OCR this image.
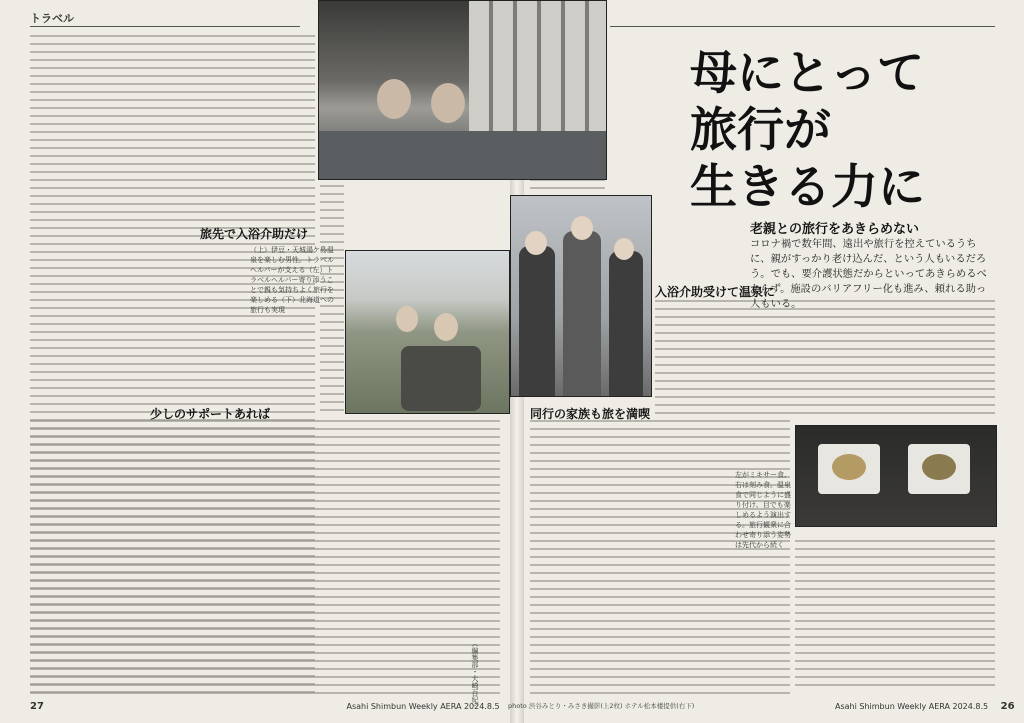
トラベル
母にとって
旅行が
生きる力に
老親との旅行をあきらめない
コロナ禍で数年間、遠出や旅行を控えているうちに、親がすっかり老け込んだ、という人もいるだろう。でも、要介護状態だからといってあきらめるべからず。施設のバリアフリー化も進み、頼れる助っ人もいる。
入浴介助受けて温泉に
同行の家族も旅を満喫
旅先で入浴介助だけ
少しのサポートあれば
（上）伊豆・天城湯ケ島温泉を楽しむ男性。トラベルヘルパーが支える（左）トラベルヘルパー寄り添うことで親も気持ちよく旅行を楽しめる（下）北海道への旅行も実現
左がミキサー食、右は刻み食。温泉食で同じように盛り付け、目でも楽しめるよう演出する。旅行観衆に合わせ寄り添う姿勢は先代から続く
（編集部・大崎百紀）
27	Asahi Shimbun Weekly AERA 2024.8.5 photo 渋谷みとり・みさき撮影(上2枚) ホテル松本楼提供(右下)	Asahi Shimbun Weekly AERA 2024.8.5 26
